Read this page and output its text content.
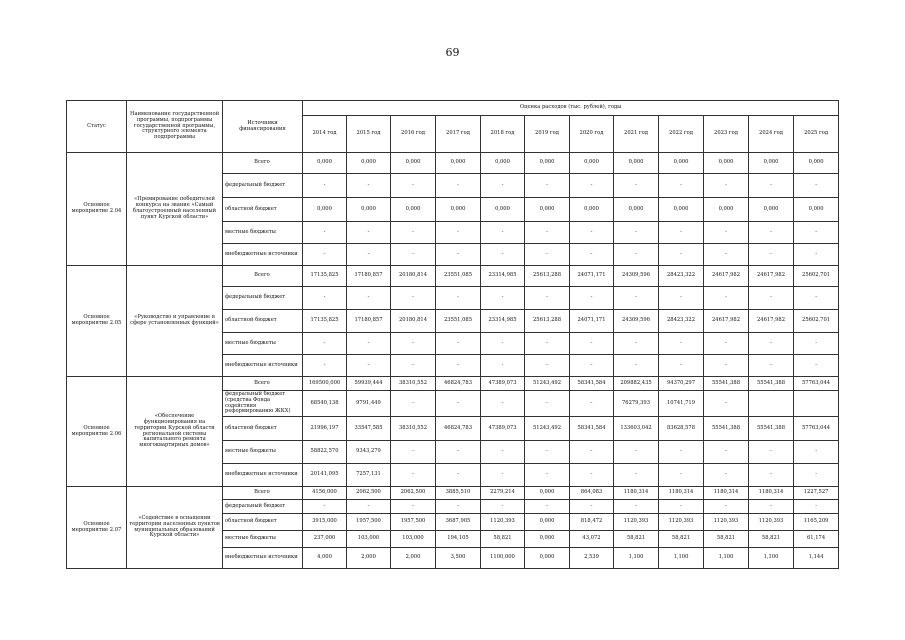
69
Статус	Наименование государственной программы, подпрограммы государственной программы, структурного элемента подпрограммы	Источники финансирования	Оценка расходов (тыс. рублей), годы											
			2014 год	2015 год	2016 год	2017 год	2018 год	2019 год	2020 год	2021 год	2022 год	2023 год	2024 год	2025 год
Основное мероприятие 2.04	«Премирование победителей конкурса на звание «Самый благоустроенный населенный пункт Курской области»	Всего	0,000	0,000	0,000	0,000	0,000	0,000	0,000	0,000	0,000	0,000	0,000	0,000
		федеральный бюджет	-	-	-	-	-	-	-	-	-	-	-	-
		областной бюджет	0,000	0,000	0,000	0,000	0,000	0,000	0,000	0,000	0,000	0,000	0,000	0,000
		местные бюджеты	-	-	-	-	-	-	-	-	-	-	-	-
		внебюджетные источники	-	-	-	-	-	-	-	-	-	-	-	-
Основное мероприятие 2.05	«Руководство и управление в сфере установленных функций»	Всего	17135,825	17180,857	20180,814	23551,085	23314,985	25613,288	24071,171	24309,596	28423,322	24617,982	24617,982	25602,701
		федеральный бюджет	-	-	-	-	-	-	-	-	-	-	-	-
		областной бюджет	17135,825	17180,857	20180,814	23551,085	23314,985	25613,288	24071,171	24309,596	28423,322	24617,982	24617,982	25602,701
		местные бюджеты	-	-	-	-	-	-	-	-	-	-	-	-
		внебюджетные источники	-	-	-	-	-	-	-	-	-	-	-	-
Основное мероприятие 2.06	«Обеспечение функционирования на территории Курской области региональной системы капитального ремонта многоквартирных домов»	Всего	169500,000	59939,444	38310,552	46824,783	47389,073	51243,492	58341,584	209882,435	94370,297	55541,388	55541,388	57763,044
		федеральный бюджет (средства Фонда содействия реформированию ЖКХ)	68540,138	9791,449	-	-	-	-	-	76279,393	10741,719	-		
		областной бюджет	21996,197	33547,585	38310,552	46824,783	47389,073	51243,492	58341,584	133603,042	83628,578	55541,388	55541,388	57763,044
		местные бюджеты	58822,570	9343,279	-	-	-	-	-	-	-	-	-	-
		внебюджетные источники	20141,095	7257,131	-	-	-	-	-	-	-	-	-	-
Основное мероприятие 2.07	«Содействие в оснащении территории населенных пунктов муниципальных образований Курской области»	Всего	4156,000	2062,500	2062,500	3885,510	2279,214	0,000	864,083	1180,314	1180,314	1180,314	1180,314	1227,527
		федеральный бюджет	-	-	-	-	-	-	-	-	-	-	-	-
		областной бюджет	3915,000	1957,500	1957,500	3687,905	1120,393	0,000	818,472	1120,393	1120,393	1120,393	1120,393	1165,209
		местные бюджеты	237,000	103,000	103,000	194,105	58,821	0,000	43,072	58,821	58,821	58,821	58,821	61,174
		внебюджетные источники	4,000	2,000	2,000	3,500	1100,000	0,000	2,539	1,100	1,100	1,100	1,100	1,144
